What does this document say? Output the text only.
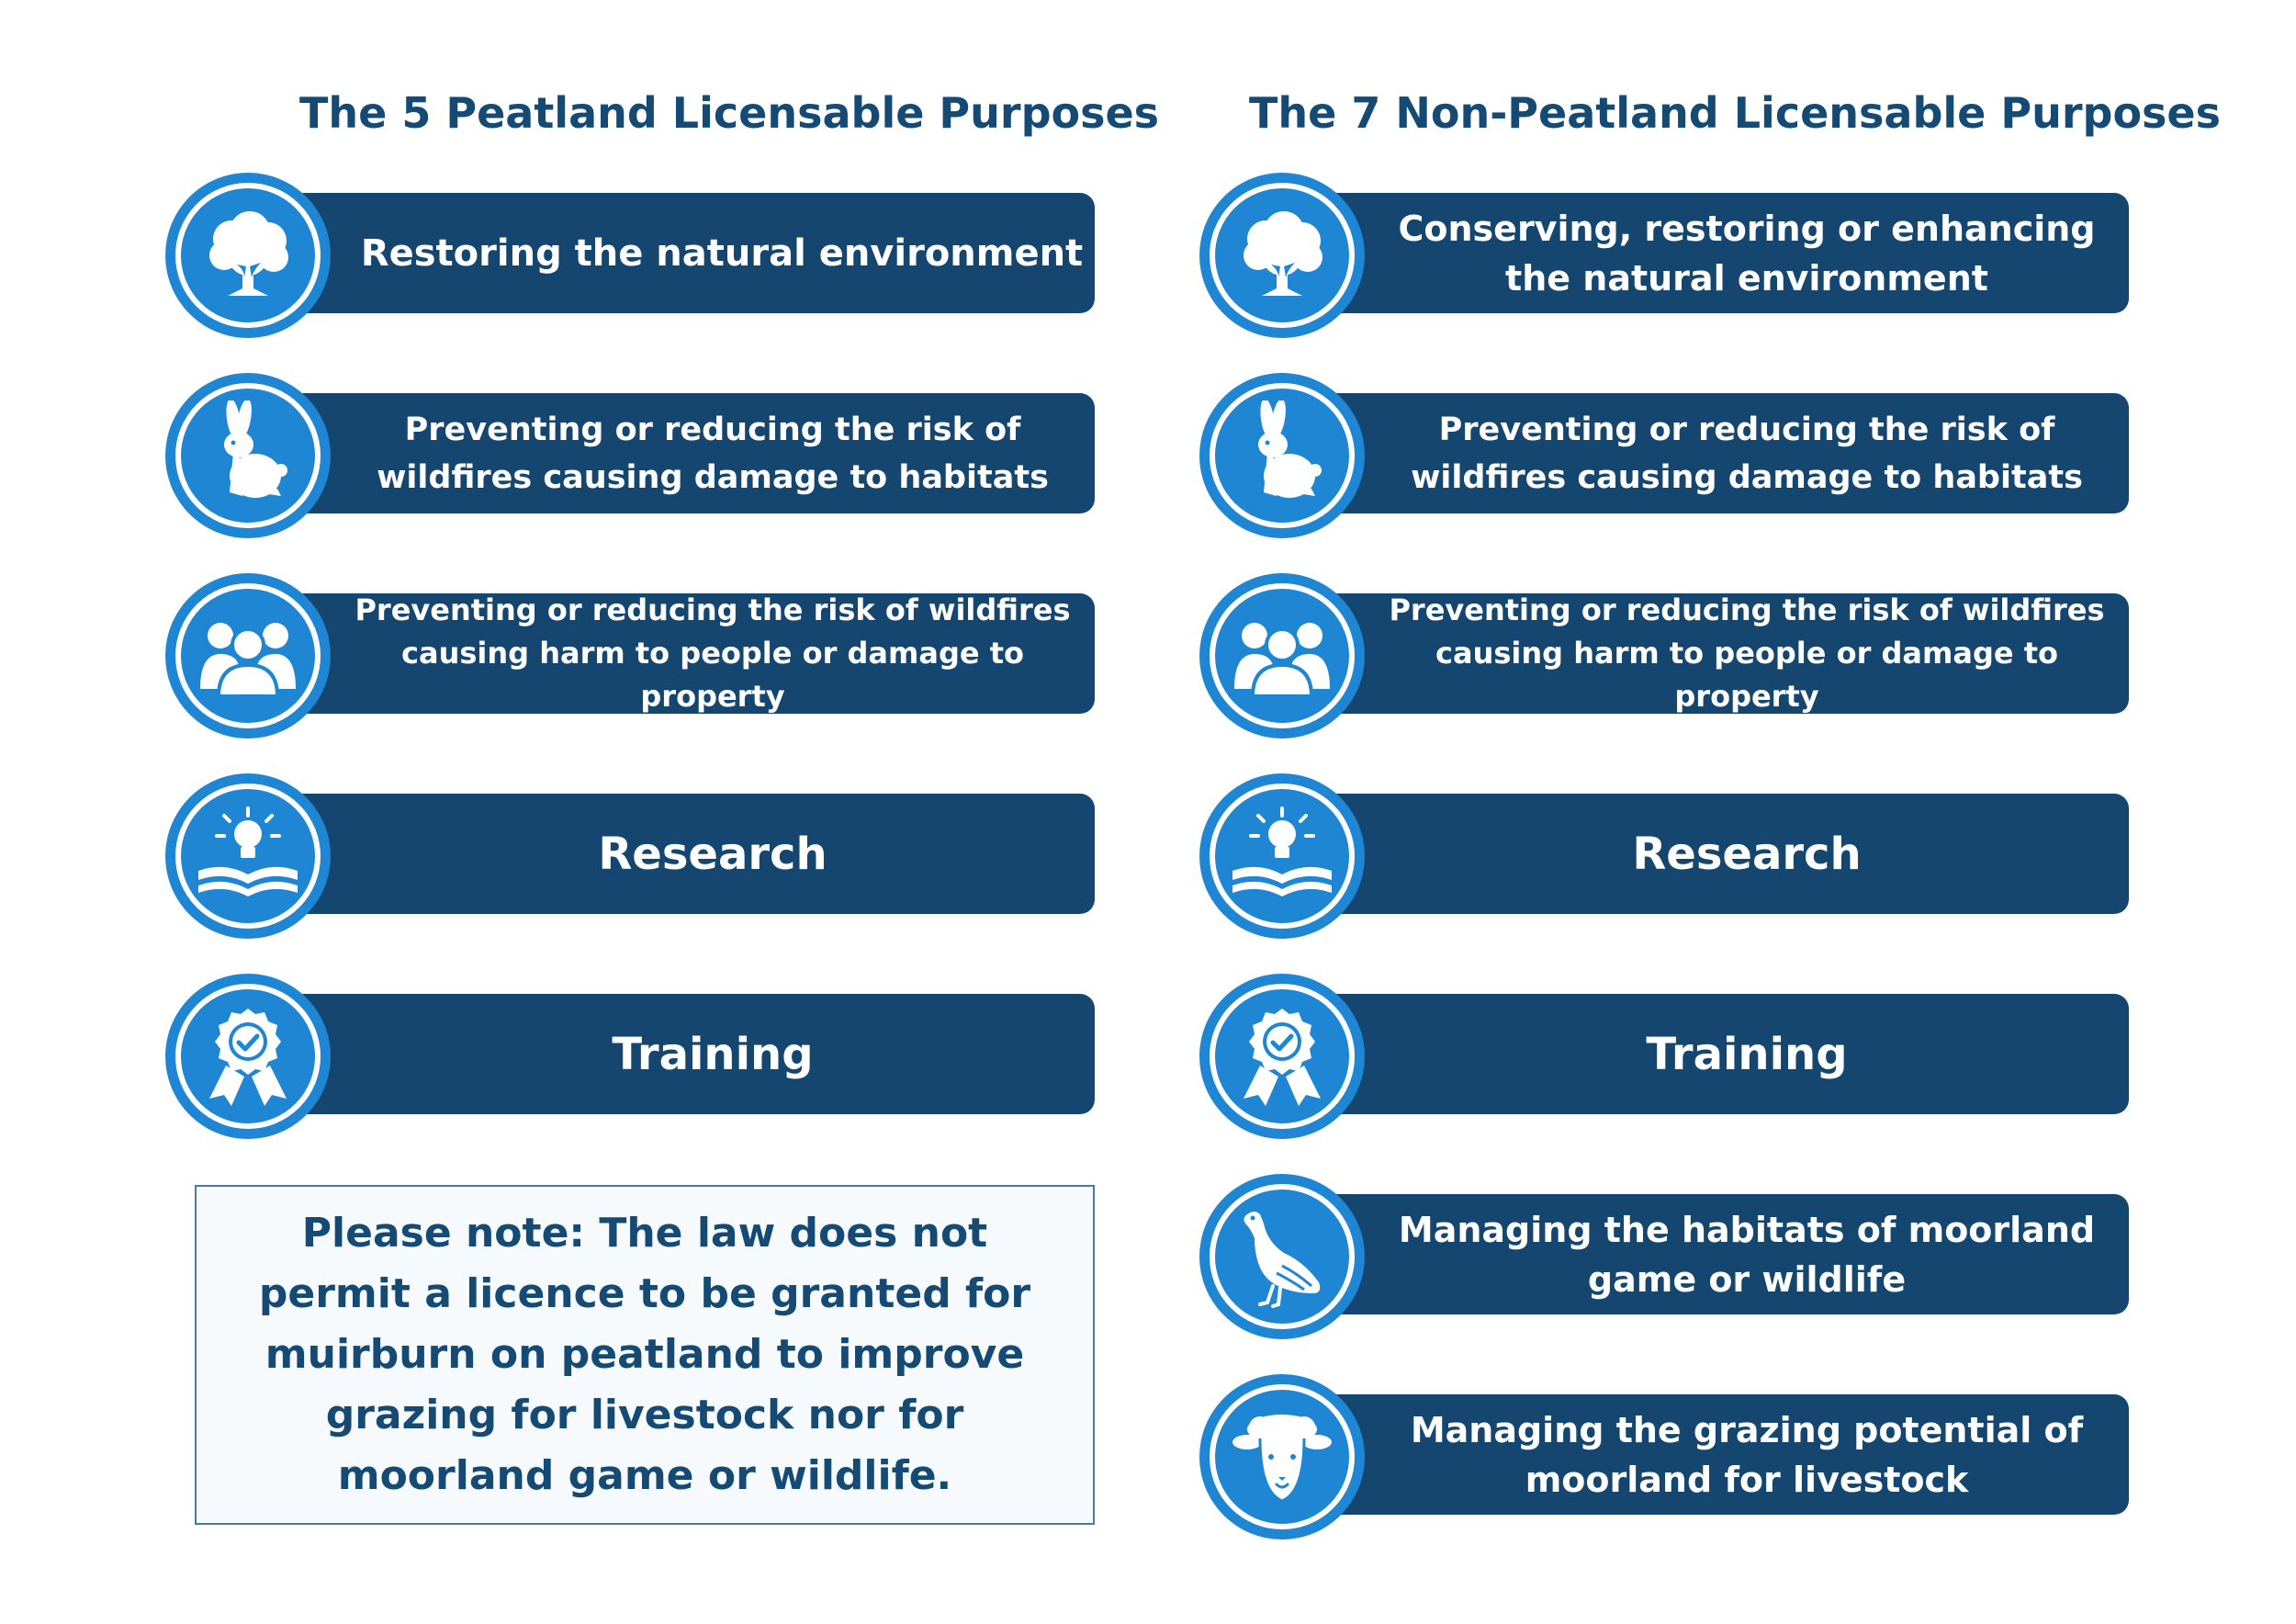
The 5 Peatland Licensable Purposes
Restoring the natural environment
Preventing or reducing the risk of wildfires causing damage to habitats
Preventing or reducing the risk of wildfires causing harm to people or damage to property
Research
Training
Please note: The law does not permit a licence to be granted for muirburn on peatland to improve grazing for livestock nor for moorland game or wildlife.
The 7 Non-Peatland Licensable Purposes
Conserving, restoring or enhancing the natural environment
Preventing or reducing the risk of wildfires causing damage to habitats
Preventing or reducing the risk of wildfires causing harm to people or damage to property
Research
Training
Managing the habitats of moorland game or wildlife
Managing the grazing potential of moorland for livestock
